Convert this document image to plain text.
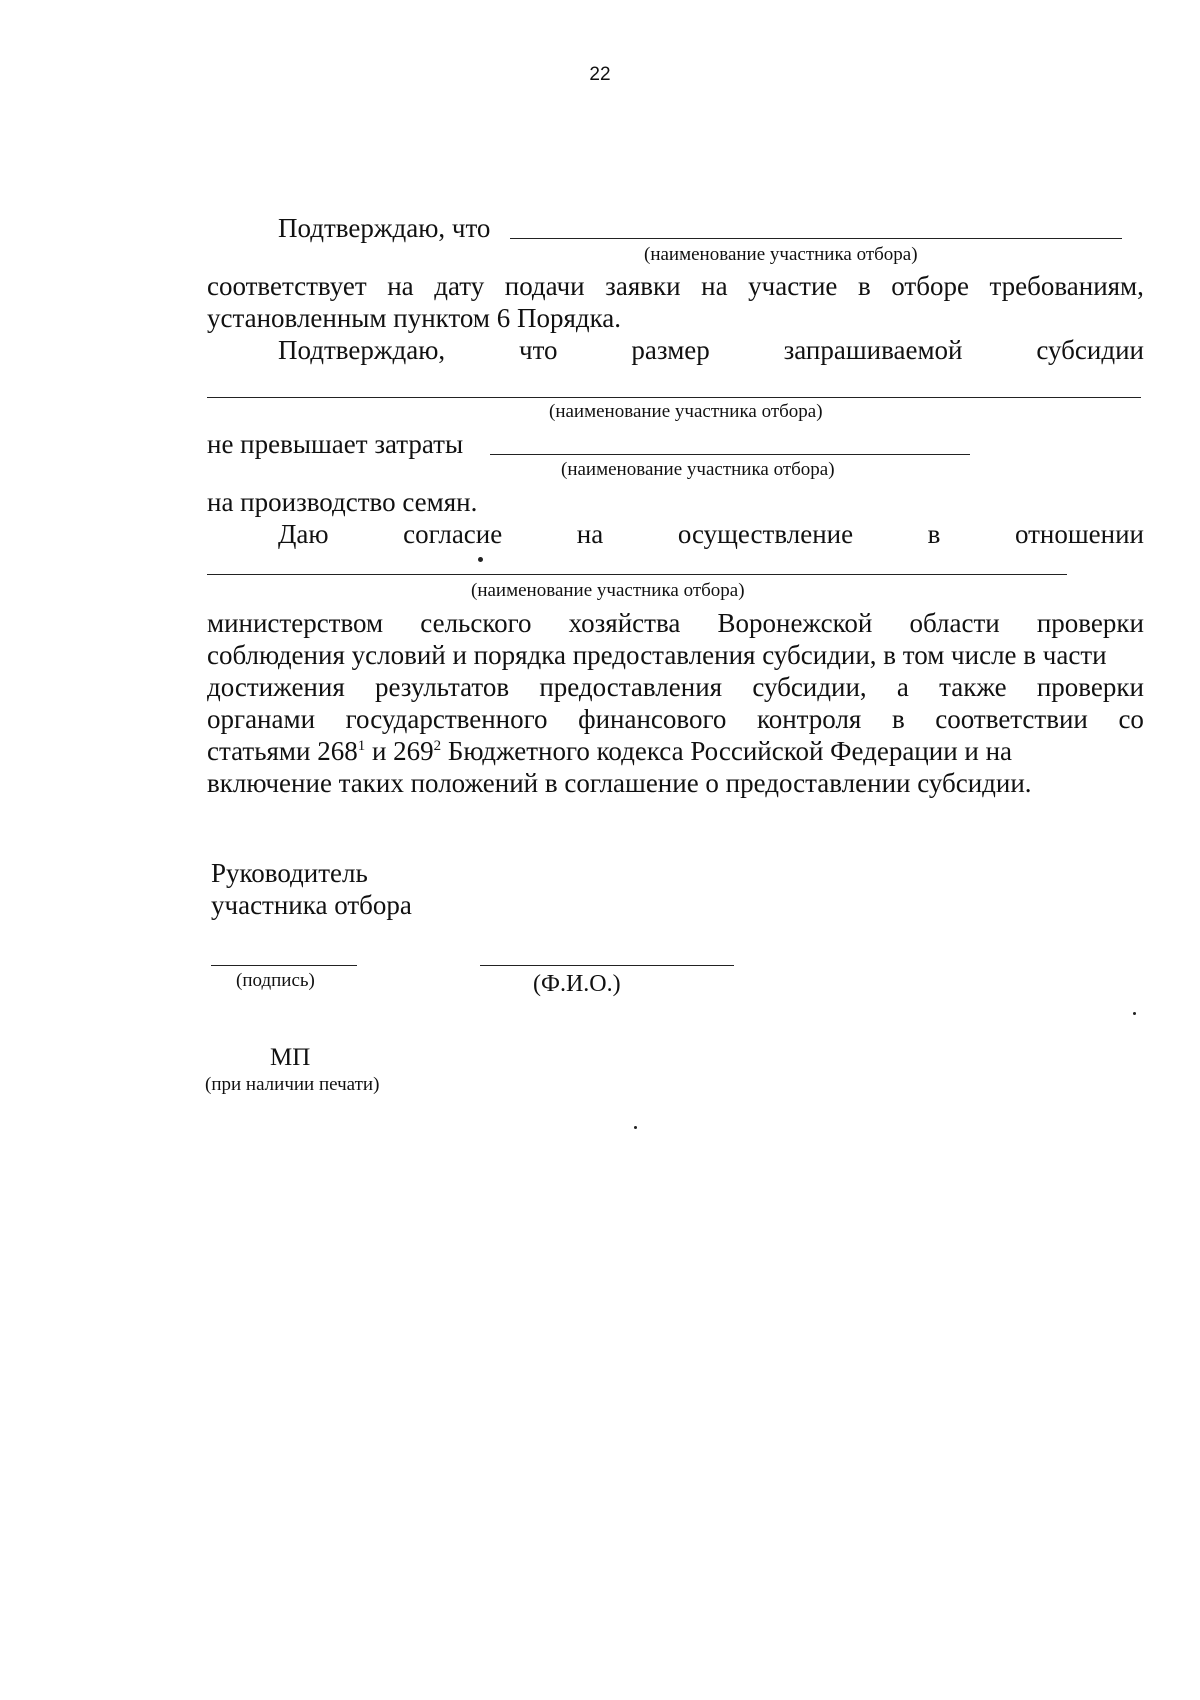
22
Подтверждаю, что
(наименование участника отбора)
соответствует на дату подачи заявки на участие в отборе требованиям,
установленным пунктом 6 Порядка.
Подтверждаю,	что	размер	запрашиваемой	субсидии
(наименование участника отбора)
не превышает затраты
(наименование участника отбора)
на производство семян.
Даю	согласие	на	осуществление	в	отношении
(наименование участника отбора)
министерством сельского хозяйства Воронежской области проверки
соблюдения условий и порядка предоставления субсидии, в том числе в части
достижения результатов предоставления субсидии, а также проверки
органами государственного финансового контроля в соответствии со
статьями $268^1$ и $269^2$ Бюджетного кодекса Российской Федерации и на
включение таких положений в соглашение о предоставлении субсидии.
Руководитель
участника отбора
(подпись)	(Ф.И.О.)
МП
(при наличии печати)
